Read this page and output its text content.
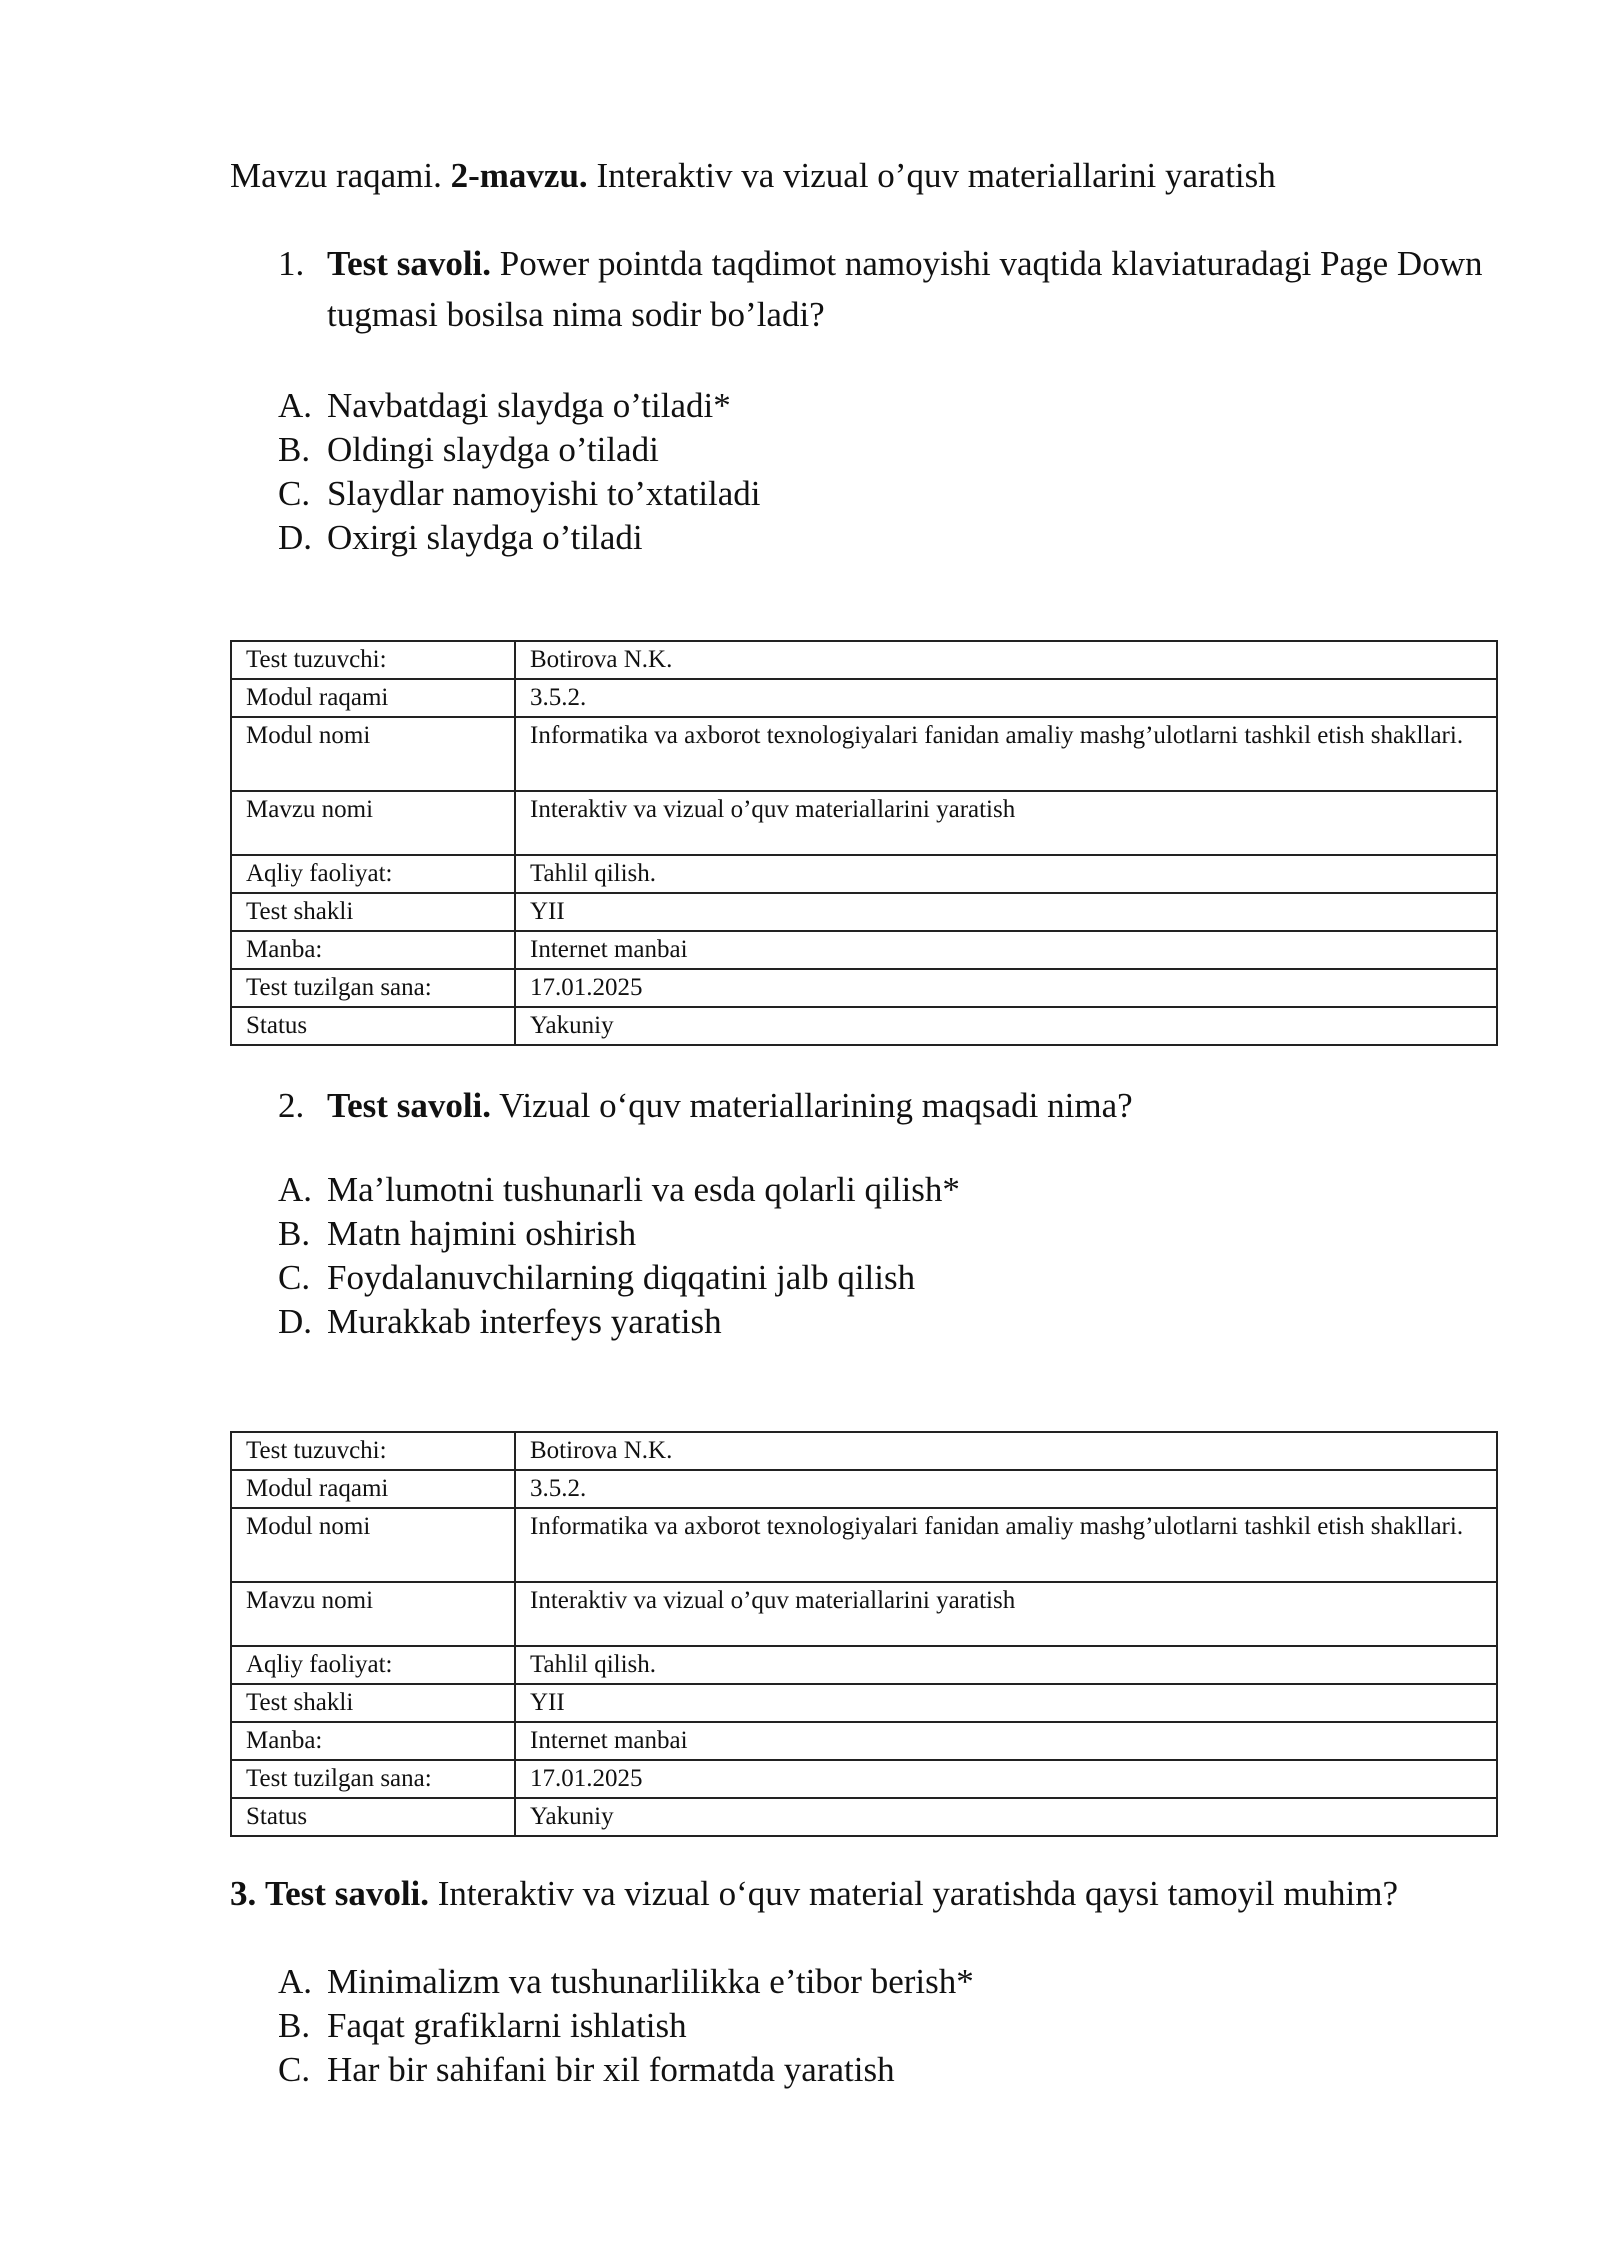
Mavzu raqami. 2-mavzu. Interaktiv va vizual o’quv materiallarini yaratish
1. Test savoli. Power pointda taqdimot namoyishi vaqtida klaviaturadagi Page Down tugmasi bosilsa nima sodir bo’ladi?
A. Navbatdagi slaydga o’tiladi*
B. Oldingi slaydga o’tiladi
C. Slaydlar namoyishi to’xtatiladi
D. Oxirgi slaydga o’tiladi
Test tuzuvchi:	Botirova N.K.
Modul raqami	3.5.2.
Modul nomi	Informatika va axborot texnologiyalari fanidan amaliy mashg’ulotlarni tashkil etish shakllari.
Mavzu nomi	Interaktiv va vizual o’quv materiallarini yaratish
Aqliy faoliyat:	Tahlil qilish.
Test shakli	YII
Manba:	Internet manbai
Test tuzilgan sana:	17.01.2025
Status	Yakuniy
2. Test savoli. Vizual o‘quv materiallarining maqsadi nima?
A. Ma’lumotni tushunarli va esda qolarli qilish*
B. Matn hajmini oshirish
C. Foydalanuvchilarning diqqatini jalb qilish
D. Murakkab interfeys yaratish
Test tuzuvchi:	Botirova N.K.
Modul raqami	3.5.2.
Modul nomi	Informatika va axborot texnologiyalari fanidan amaliy mashg’ulotlarni tashkil etish shakllari.
Mavzu nomi	Interaktiv va vizual o’quv materiallarini yaratish
Aqliy faoliyat:	Tahlil qilish.
Test shakli	YII
Manba:	Internet manbai
Test tuzilgan sana:	17.01.2025
Status	Yakuniy
3. Test savoli. Interaktiv va vizual o‘quv material yaratishda qaysi tamoyil muhim?
A. Minimalizm va tushunarlilikka e’tibor berish*
B. Faqat grafiklarni ishlatish
C. Har bir sahifani bir xil formatda yaratish
